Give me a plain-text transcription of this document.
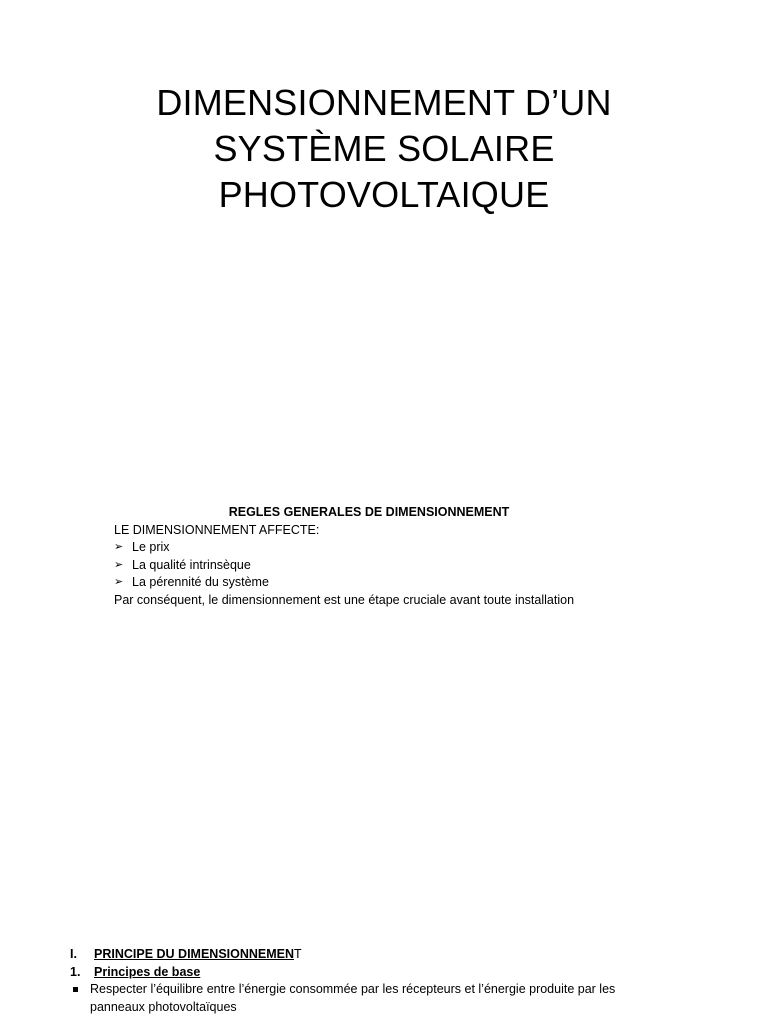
DIMENSIONNEMENT D’UN
SYSTÈME SOLAIRE
PHOTOVOLTAIQUE
REGLES GENERALES DE DIMENSIONNEMENT
LE DIMENSIONNEMENT AFFECTE:
➢ Le prix
➢ La qualité intrinsèque
➢ La pérennité du système
Par conséquent, le dimensionnement est une étape cruciale avant toute installation
I.	PRINCIPE DU DIMENSIONNEMENT
1.	Principes de base
Respecter l’équilibre entre l’énergie consommée par les récepteurs et l’énergie produite par les panneaux photovoltaïques
